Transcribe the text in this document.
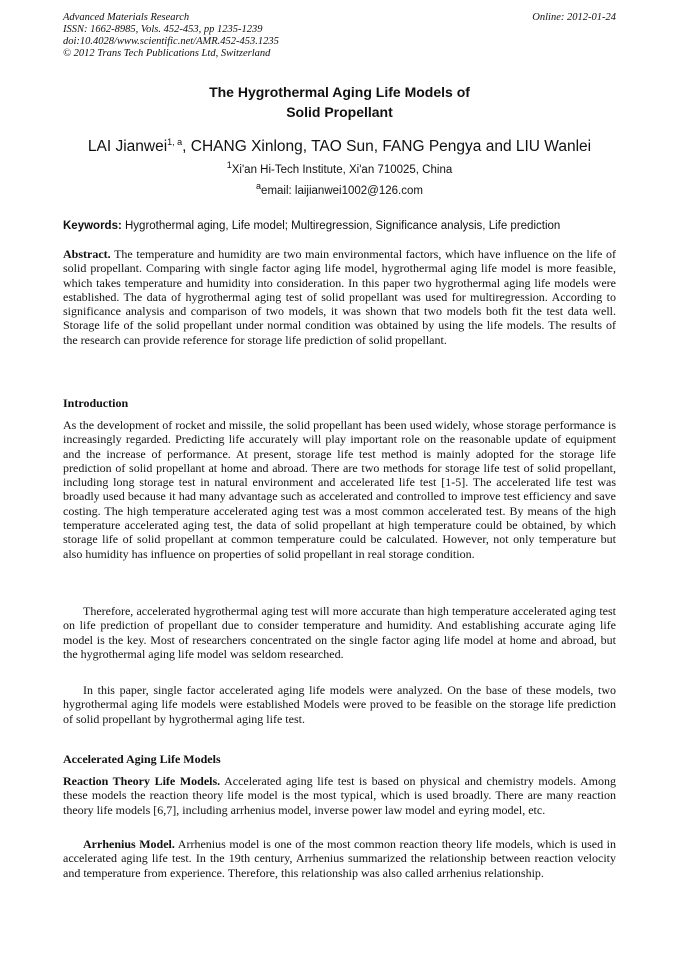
Advanced Materials Research
ISSN: 1662-8985, Vols. 452-453, pp 1235-1239
doi:10.4028/www.scientific.net/AMR.452-453.1235
© 2012 Trans Tech Publications Ltd, Switzerland
Online: 2012-01-24
The Hygrothermal Aging Life Models of
Solid Propellant
LAI Jianwei$^{1, a}$, CHANG Xinlong, TAO Sun, FANG Pengya and LIU Wanlei
$^1$Xi'an Hi-Tech Institute, Xi'an 710025, China
$^a$email: laijianwei1002@126.com
Keywords: Hygrothermal aging, Life model; Multiregression, Significance analysis, Life prediction
Abstract. The temperature and humidity are two main environmental factors, which have influence on the life of solid propellant. Comparing with single factor aging life model, hygrothermal aging life model is more feasible, which takes temperature and humidity into consideration. In this paper two hygrothermal aging life models were established. The data of hygrothermal aging test of solid propellant was used for multiregression. According to significance analysis and comparison of two models, it was shown that two models both fit the test data well. Storage life of the solid propellant under normal condition was obtained by using the life models. The results of the research can provide reference for storage life prediction of solid propellant.
Introduction
As the development of rocket and missile, the solid propellant has been used widely, whose storage performance is increasingly regarded. Predicting life accurately will play important role on the reasonable update of equipment and the increase of performance. At present, storage life test method is mainly adopted for the storage life prediction of solid propellant at home and abroad. There are two methods for storage life test of solid propellant, including long storage test in natural environment and accelerated life test [1-5]. The accelerated life test was broadly used because it had many advantage such as accelerated and controlled to improve test efficiency and save costing. The high temperature accelerated aging test was a most common accelerated test. By means of the high temperature accelerated aging test, the data of solid propellant at high temperature could be obtained, by which storage life of solid propellant at common temperature could be calculated. However, not only temperature but also humidity has influence on properties of solid propellant in real storage condition.
Therefore, accelerated hygrothermal aging test will more accurate than high temperature accelerated aging test on life prediction of propellant due to consider temperature and humidity. And establishing accurate aging life model is the key. Most of researchers concentrated on the single factor aging life model at home and abroad, but the hygrothermal aging life model was seldom researched.
In this paper, single factor accelerated aging life models were analyzed. On the base of these models, two hygrothermal aging life models were established Models were proved to be feasible on the storage life prediction of solid propellant by hygrothermal aging life test.
Accelerated Aging Life Models
Reaction Theory Life Models. Accelerated aging life test is based on physical and chemistry models. Among these models the reaction theory life model is the most typical, which is used broadly. There are many reaction theory life models [6,7], including arrhenius model, inverse power law model and eyring model, etc.
Arrhenius Model. Arrhenius model is one of the most common reaction theory life models, which is used in accelerated aging life test. In the 19th century, Arrhenius summarized the relationship between reaction velocity and temperature from experience. Therefore, this relationship was also called arrhenius relationship.
